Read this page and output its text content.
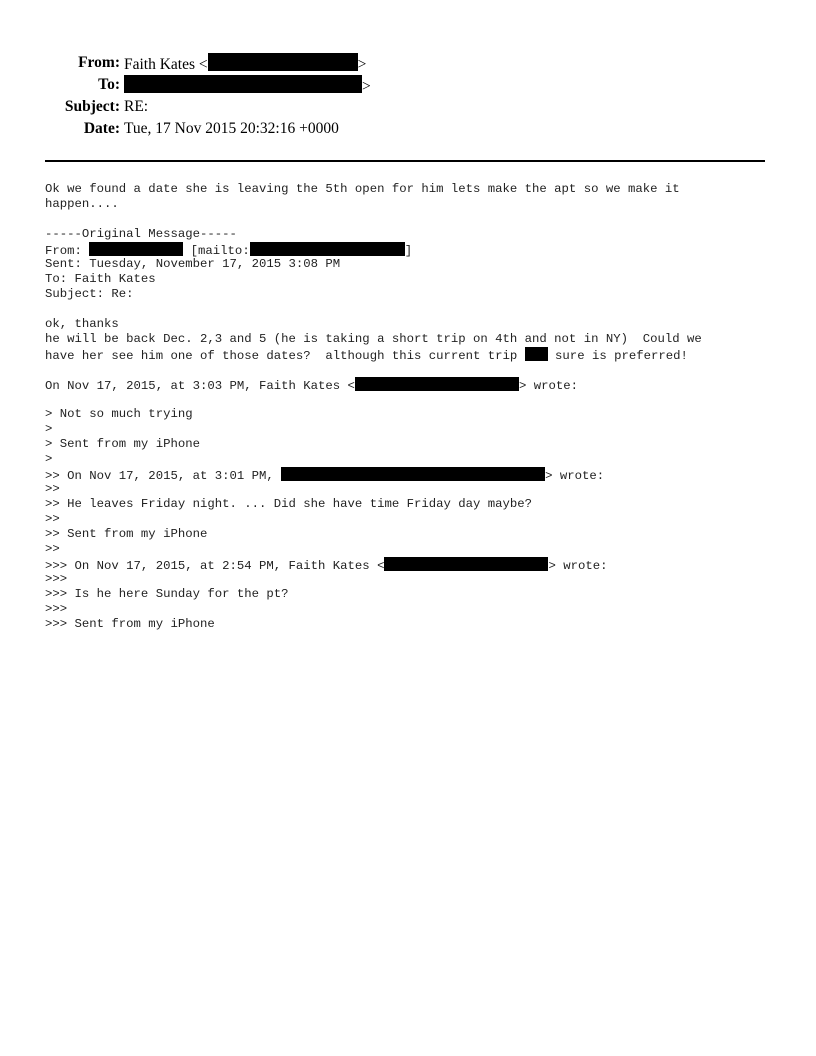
From: Faith Kates <	>
To:	>
Subject: RE:
Date: Tue, 17 Nov 2015 20:32:16 +0000
Ok we found a date she is leaving the 5th open for him lets make the apt so we make it
happen....
-----Original Message-----
From:	[mailto:	]
Sent: Tuesday, November 17, 2015 3:08 PM
To: Faith Kates
Subject: Re:
ok, thanks
he will be back Dec. 2,3 and 5 (he is taking a short trip on 4th and not in NY)  Could we
have her see him one of those dates?  although this current trip  sure is preferred!
On Nov 17, 2015, at 3:03 PM, Faith Kates <	> wrote:
> Not so much trying
>
> Sent from my iPhone
>
>> On Nov 17, 2015, at 3:01 PM,	> wrote:
>>
>> He leaves Friday night. ... Did she have time Friday day maybe?
>>
>> Sent from my iPhone
>>
>>> On Nov 17, 2015, at 2:54 PM, Faith Kates <	> wrote:
>>>
>>> Is he here Sunday for the pt?
>>>
>>> Sent from my iPhone
